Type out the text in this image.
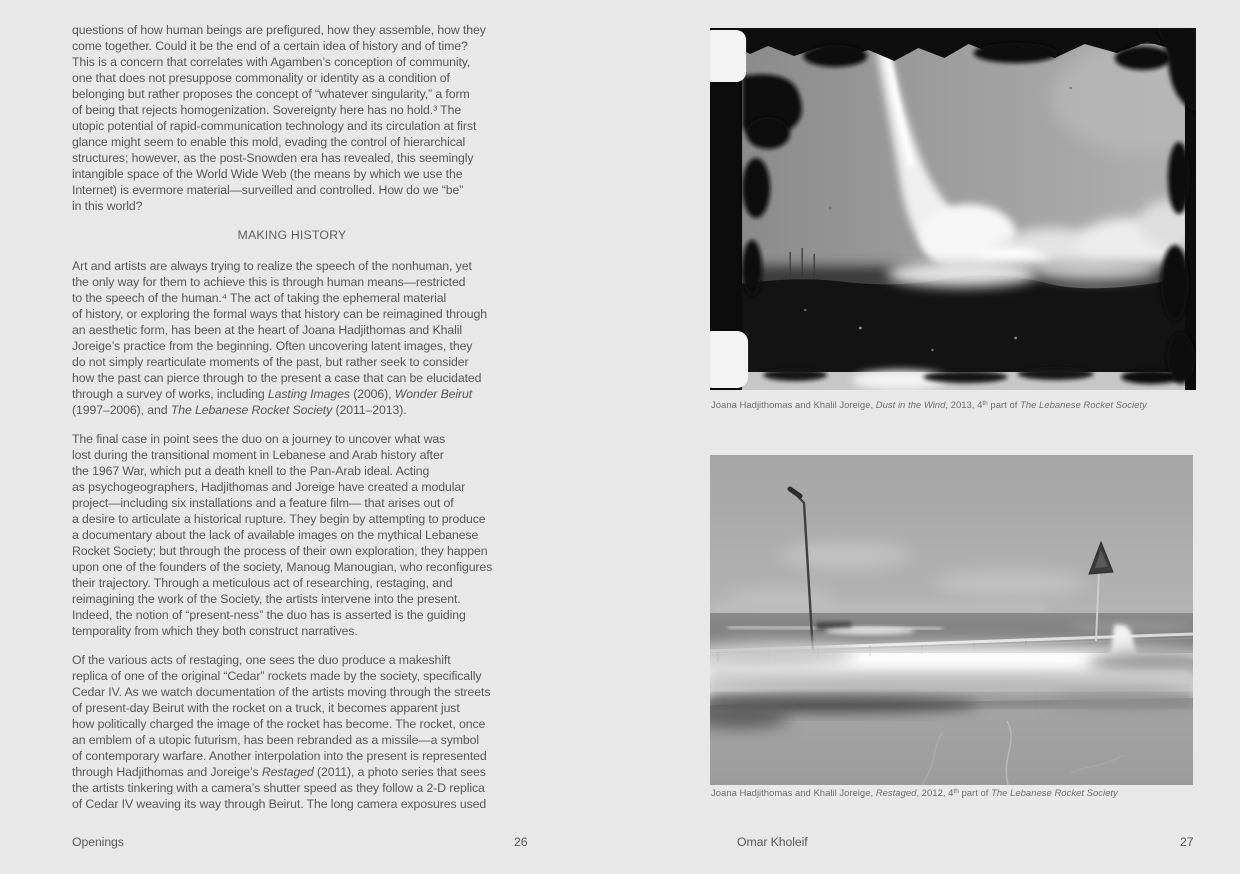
questions of how human beings are prefigured, how they assemble, how they
come together. Could it be the end of a certain idea of history and of time?
This is a concern that correlates with Agamben’s conception of community,
one that does not presuppose commonality or identity as a condition of
belonging but rather proposes the concept of “whatever singularity,” a form
of being that rejects homogenization. Sovereignty here has no hold.³ The
utopic potential of rapid-communication technology and its circulation at first
glance might seem to enable this mold, evading the control of hierarchical
structures; however, as the post-Snowden era has revealed, this seemingly
intangible space of the World Wide Web (the means by which we use the
Internet) is evermore material—surveilled and controlled. How do we “be”
in this world?
MAKING HISTORY
Art and artists are always trying to realize the speech of the nonhuman, yet
the only way for them to achieve this is through human means—restricted
to the speech of the human.⁴ The act of taking the ephemeral material
of history, or exploring the formal ways that history can be reimagined through
an aesthetic form, has been at the heart of Joana Hadjithomas and Khalil
Joreige’s practice from the beginning. Often uncovering latent images, they
do not simply rearticulate moments of the past, but rather seek to consider
how the past can pierce through to the present a case that can be elucidated
through a survey of works, including Lasting Images (2006), Wonder Beirut
(1997–2006), and The Lebanese Rocket Society (2011–2013).
The final case in point sees the duo on a journey to uncover what was
lost during the transitional moment in Lebanese and Arab history after
the 1967 War, which put a death knell to the Pan-Arab ideal. Acting
as psychogeographers, Hadjithomas and Joreige have created a modular
project—including six installations and a feature film— that arises out of
a desire to articulate a historical rupture. They begin by attempting to produce
a documentary about the lack of available images on the mythical Lebanese
Rocket Society; but through the process of their own exploration, they happen
upon one of the founders of the society, Manoug Manougian, who reconfigures
their trajectory. Through a meticulous act of researching, restaging, and
reimagining the work of the Society, the artists intervene into the present.
Indeed, the notion of “present-ness” the duo has is asserted is the guiding
temporality from which they both construct narratives.
Of the various acts of restaging, one sees the duo produce a makeshift
replica of one of the original “Cedar” rockets made by the society, specifically
Cedar IV. As we watch documentation of the artists moving through the streets
of present-day Beirut with the rocket on a truck, it becomes apparent just
how politically charged the image of the rocket has become. The rocket, once
an emblem of a utopic futurism, has been rebranded as a missile—a symbol
of contemporary warfare. Another interpolation into the present is represented
through Hadjithomas and Joreige’s Restaged (2011), a photo series that sees
the artists tinkering with a camera’s shutter speed as they follow a 2-D replica
of Cedar IV weaving its way through Beirut. The long camera exposures used
Openings	26
Joana Hadjithomas and Khalil Joreige, Dust in the Wind, 2013, 4th part of The Lebanese Rocket Society
Joana Hadjithomas and Khalil Joreige, Restaged, 2012, 4th part of The Lebanese Rocket Society
Omar Kholeif	27
